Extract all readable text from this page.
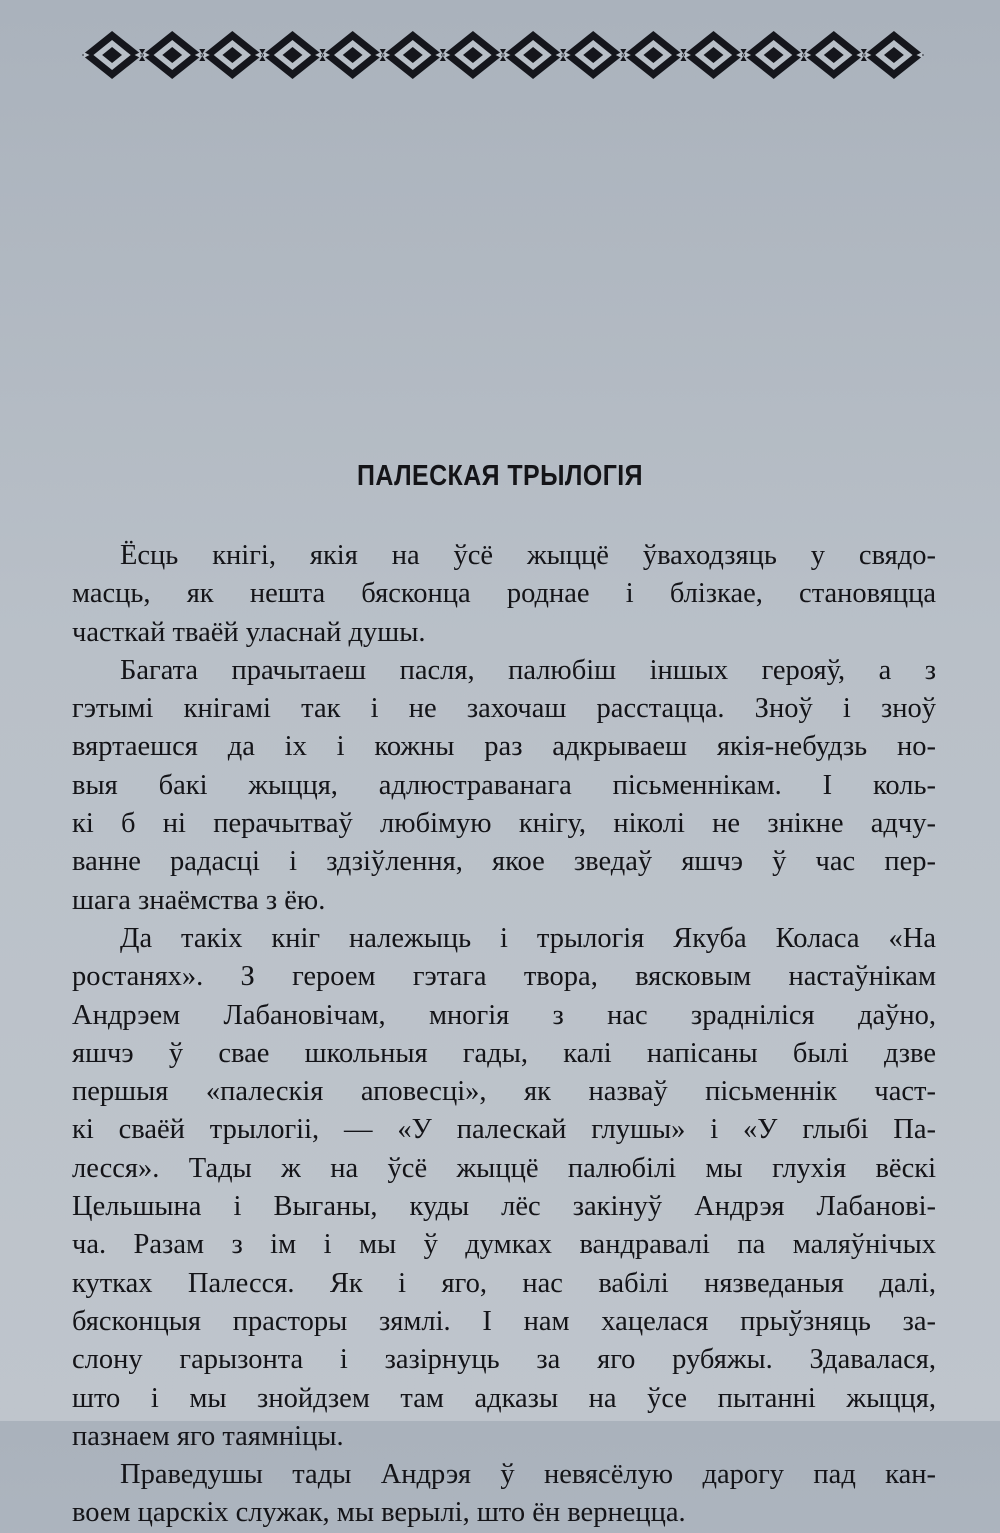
ПАЛЕСКАЯ ТРЫЛОГІЯ
Ёсць кнігі, якія на ўсё жыццё ўваходзяць у свядо-
масць, як нешта бясконца роднае і блізкае, становяцца
часткай тваёй уласнай душы.
Багата прачытаеш пасля, палюбіш іншых герояў, а з
гэтымі кнігамі так і не захочаш расстацца. Зноў і зноў
вяртаешся да іх і кожны раз адкрываеш якія-небудзь но-
выя бакі жыцця, адлюстраванага пісьменнікам. І коль-
кі б ні перачытваў любімую кнігу, ніколі не знікне адчу-
ванне радасці і здзіўлення, якое зведаў яшчэ ў час пер-
шага знаёмства з ёю.
Да такіх кніг належыць і трылогія Якуба Коласа «На
ростанях». З героем гэтага твора, вясковым настаўнікам
Андрэем Лабановічам, многія з нас зрадніліся даўно,
яшчэ ў свае школьныя гады, калі напісаны былі дзве
першыя «палескія аповесці», як назваў пісьменнік част-
кі сваёй трылогіі, — «У палескай глушы» і «У глыбі Па-
лесся». Тады ж на ўсё жыццё палюбілі мы глухія вёскі
Цельшына і Выганы, куды лёс закінуў Андрэя Лабановi-
ча. Разам з ім і мы ў думках вандравалі па маляўнічых
кутках Палесся. Як і яго, нас вабілі нязведаныя далі,
бясконцыя прасторы зямлі. І нам хацелася прыўзняць за-
слону гарызонта і зазірнуць за яго рубяжы. Здавалася,
што і мы знойдзем там адказы на ўсе пытанні жыцця,
пазнаем яго таямніцы.
Праведушы тады Андрэя ў невясёлую дарогу пад кан-
воем царскіх служак, мы верылі, што ён вернецца.
